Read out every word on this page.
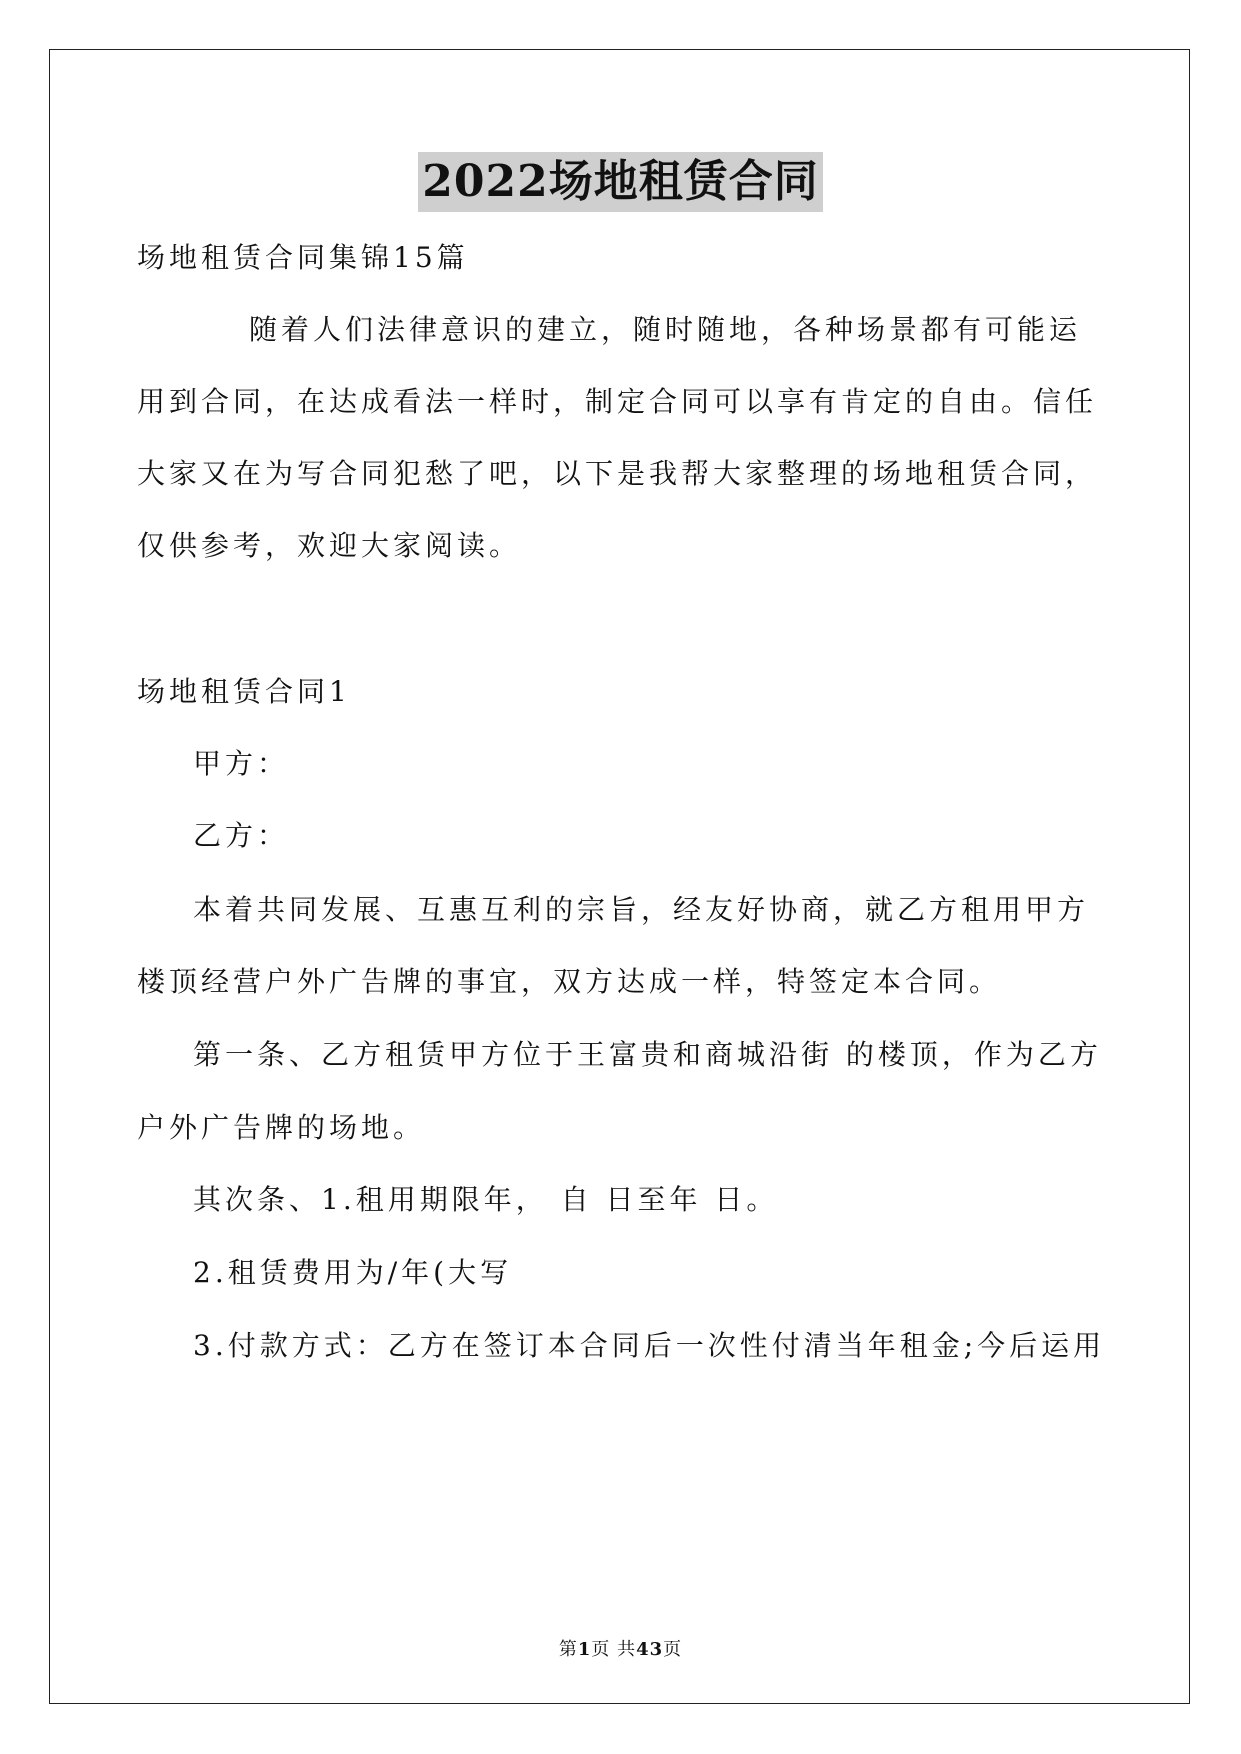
2022场地租赁合同
场地租赁合同集锦15篇
随着人们法律意识的建立，随时随地，各种场景都有可能运
用到合同，在达成看法一样时，制定合同可以享有肯定的自由。信任
大家又在为写合同犯愁了吧，以下是我帮大家整理的场地租赁合同，
仅供参考，欢迎大家阅读。
场地租赁合同1
甲方：
乙方：
本着共同发展、互惠互利的宗旨，经友好协商，就乙方租用甲方
楼顶经营户外广告牌的事宜，双方达成一样，特签定本合同。
第一条、乙方租赁甲方位于王富贵和商城沿街 的楼顶，作为乙方
户外广告牌的场地。
其次条、1.租用期限年， 自 日至年 日。
2.租赁费用为/年(大写
3.付款方式：乙方在签订本合同后一次性付清当年租金;今后运用
第1页 共43页
